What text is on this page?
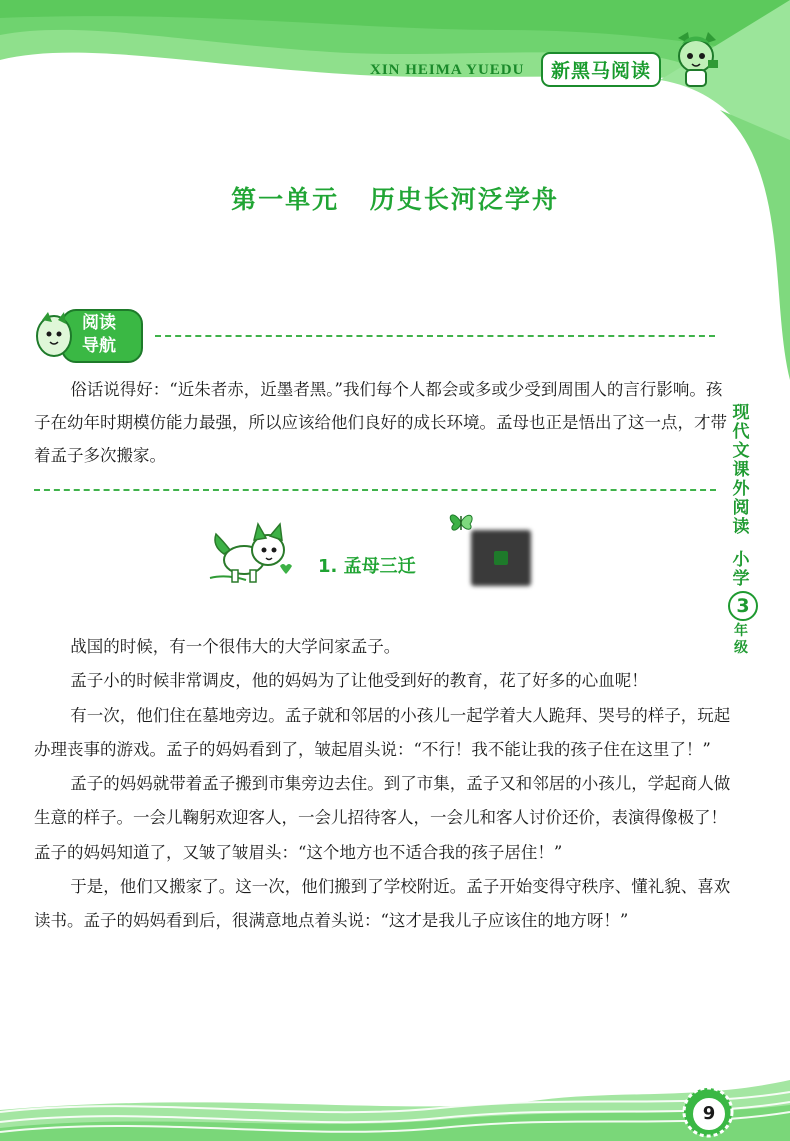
XIN HEIMA YUEDU	新黑马阅读
第一单元 历史长河泛学舟
阅读
导航

俗话说得好：“近朱者赤，近墨者黑。”我们每个人都会或多或少受到周围人的言行影响。孩子在幼年时期模仿能力最强，所以应该给他们良好的成长环境。孟母也正是悟出了这一点，才带着孟子多次搬家。

现代文课外阅读
小学
3
年级
1. 孟母三迁

战国的时候，有一个很伟大的大学问家孟子。

孟子小的时候非常调皮，他的妈妈为了让他受到好的教育，花了好多的心血呢！

有一次，他们住在墓地旁边。孟子就和邻居的小孩儿一起学着大人跪拜、哭号的样子，玩起办理丧事的游戏。孟子的妈妈看到了，皱起眉头说：“不行！我不能让我的孩子住在这里了！”

孟子的妈妈就带着孟子搬到市集旁边去住。到了市集，孟子又和邻居的小孩儿，学起商人做生意的样子。一会儿鞠躬欢迎客人，一会儿招待客人，一会儿和客人讨价还价，表演得像极了！孟子的妈妈知道了，又皱了皱眉头：“这个地方也不适合我的孩子居住！”

于是，他们又搬家了。这一次，他们搬到了学校附近。孟子开始变得守秩序、懂礼貌、喜欢读书。孟子的妈妈看到后，很满意地点着头说：“这才是我儿子应该住的地方呀！”

9
